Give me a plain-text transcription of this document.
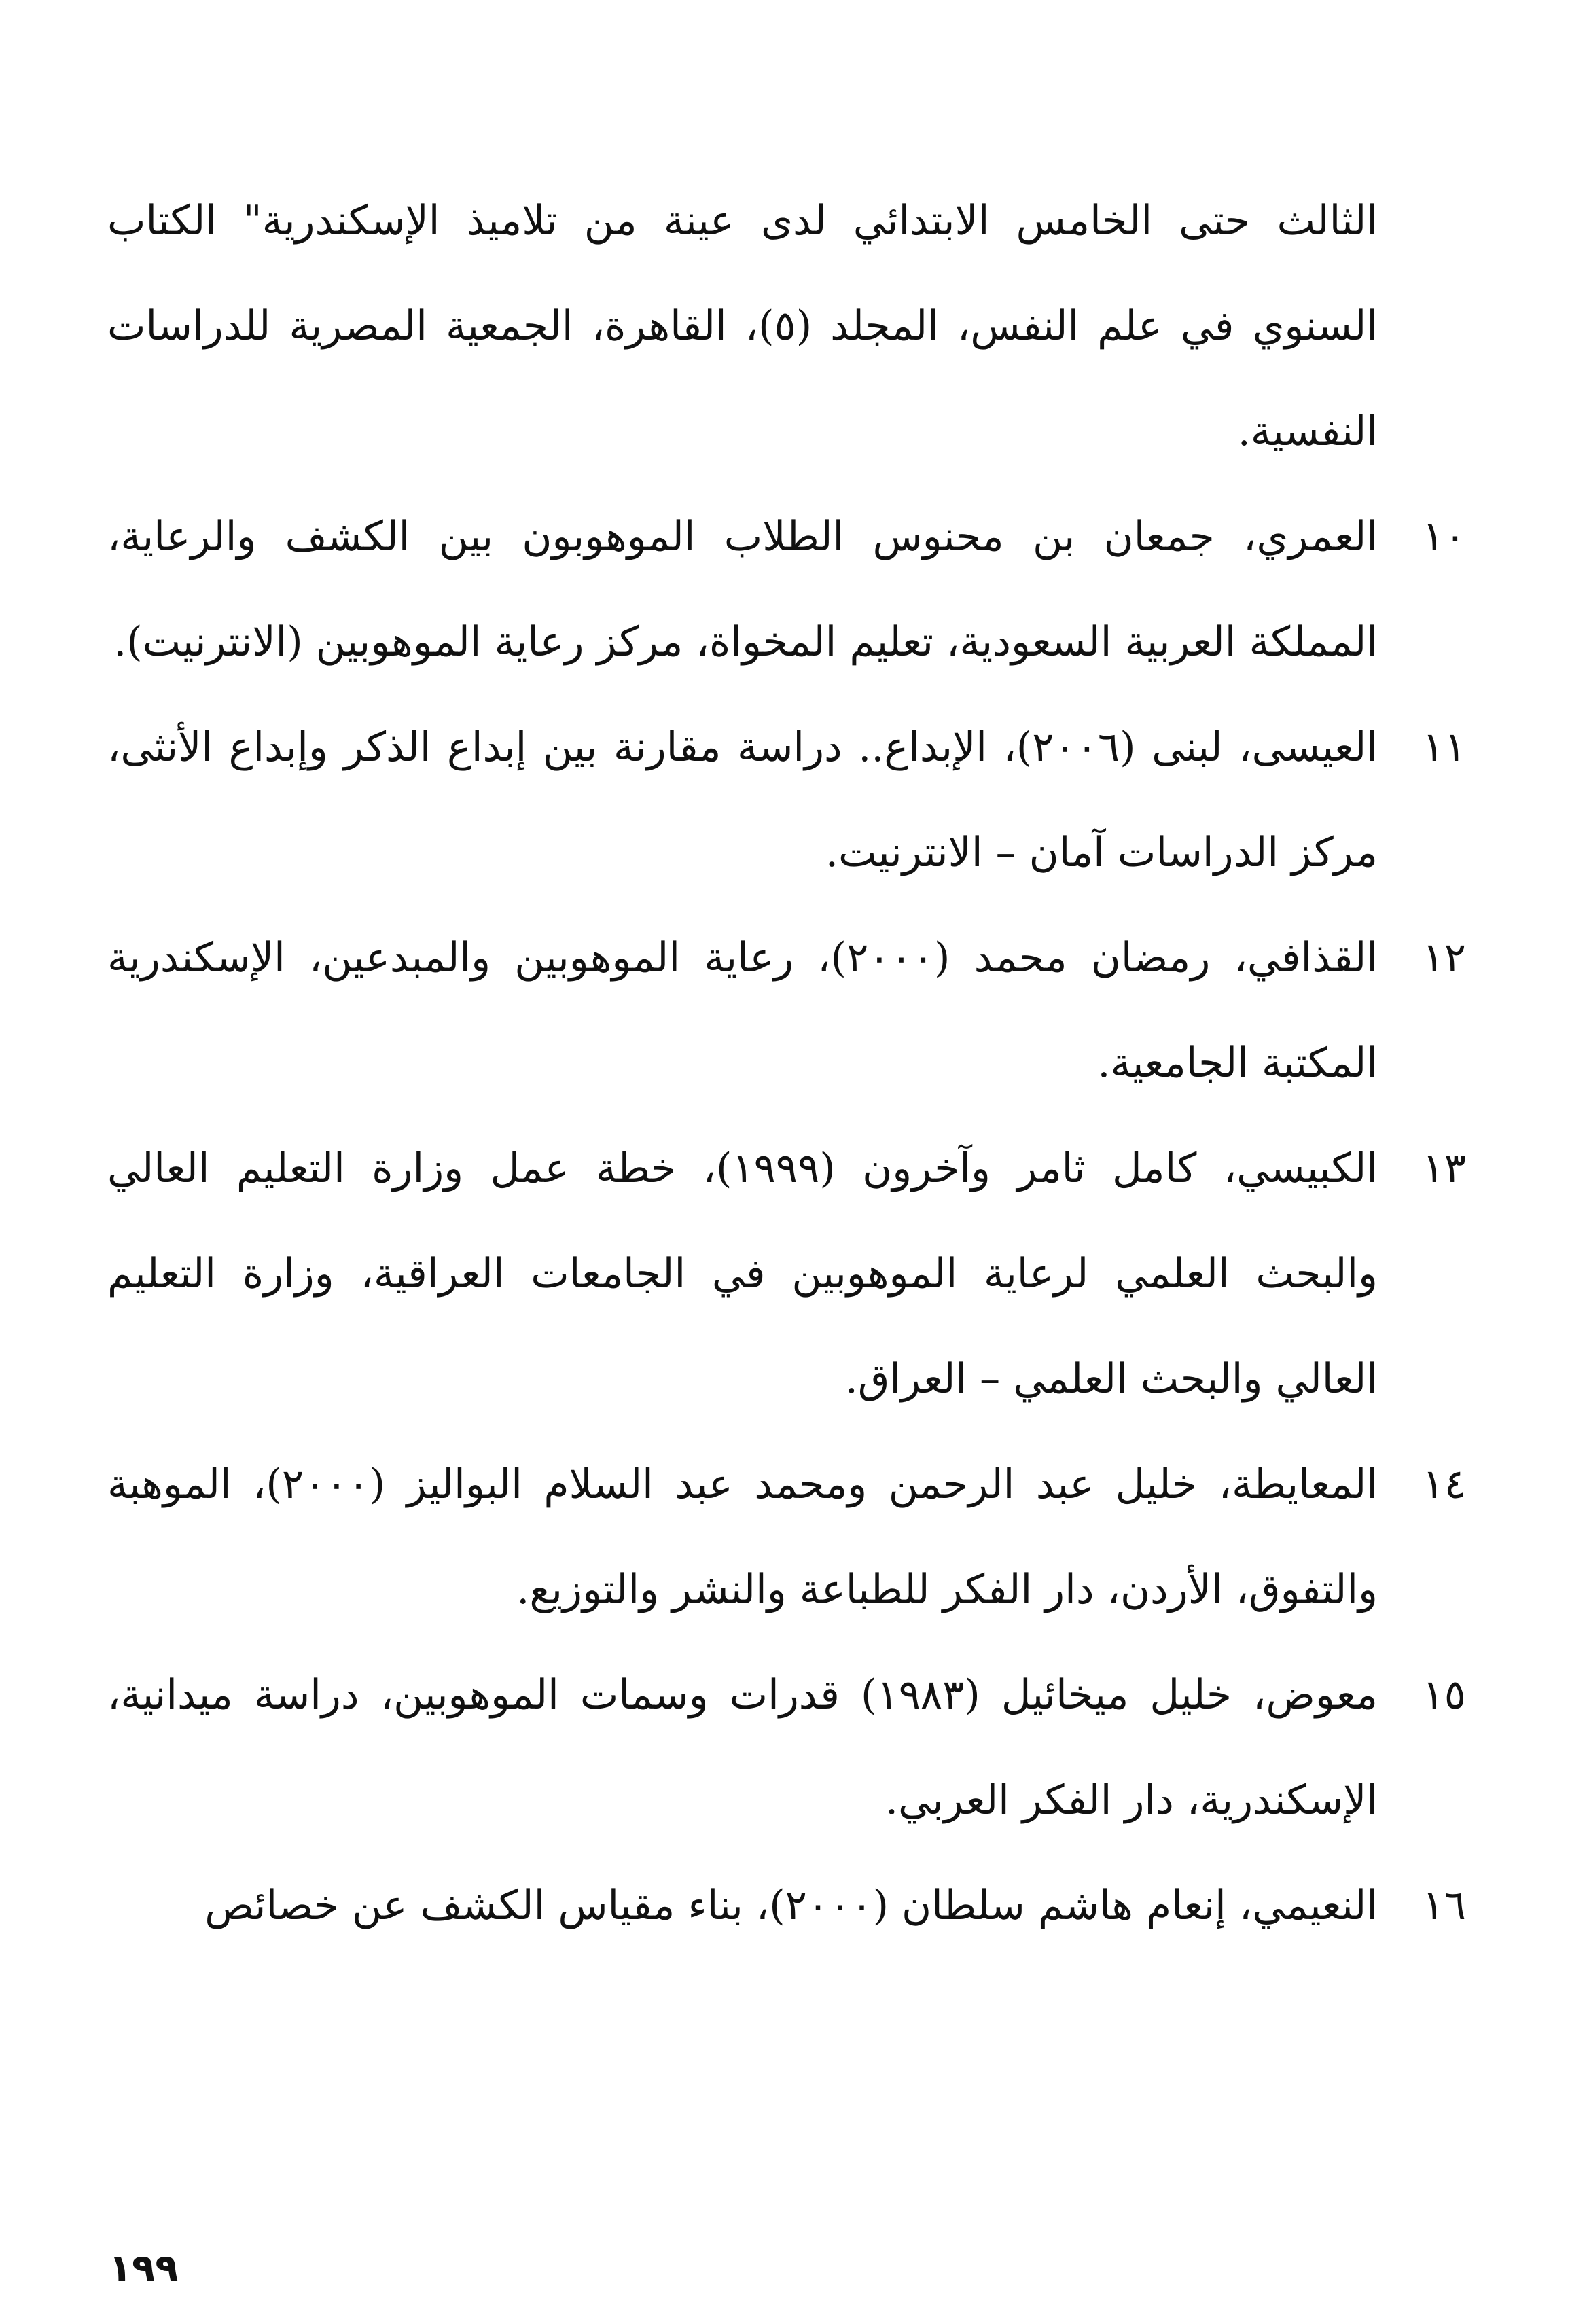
الثالث حتى الخامس الابتدائي لدى عينة من تلاميذ الإسكندرية" الكتاب السنوي في علم النفس، المجلد (٥)، القاهرة، الجمعية المصرية للدراسات النفسية.
١٠
العمري، جمعان بن محنوس الطلاب الموهوبون بين الكشف والرعاية، المملكة العربية السعودية، تعليم المخواة، مركز رعاية الموهوبين (الانترنيت).
١١
العيسى، لبنى (٢٠٠٦)، الإبداع.. دراسة مقارنة بين إبداع الذكر وإبداع الأنثى، مركز الدراسات آمان – الانترنيت.
١٢
القذافي، رمضان محمد (٢٠٠٠)، رعاية الموهوبين والمبدعين، الإسكندرية المكتبة الجامعية.
١٣
الكبيسي، كامل ثامر وآخرون (١٩٩٩)، خطة عمل وزارة التعليم العالي والبحث العلمي لرعاية الموهوبين في الجامعات العراقية، وزارة التعليم العالي والبحث العلمي – العراق.
١٤
المعايطة، خليل عبد الرحمن ومحمد عبد السلام البواليز (٢٠٠٠)، الموهبة والتفوق، الأردن، دار الفكر للطباعة والنشر والتوزيع.
١٥
معوض، خليل ميخائيل (١٩٨٣) قدرات وسمات الموهوبين، دراسة ميدانية، الإسكندرية، دار الفكر العربي.
١٦
النعيمي، إنعام هاشم سلطان (٢٠٠٠)، بناء مقياس الكشف عن خصائص
١٩٩
